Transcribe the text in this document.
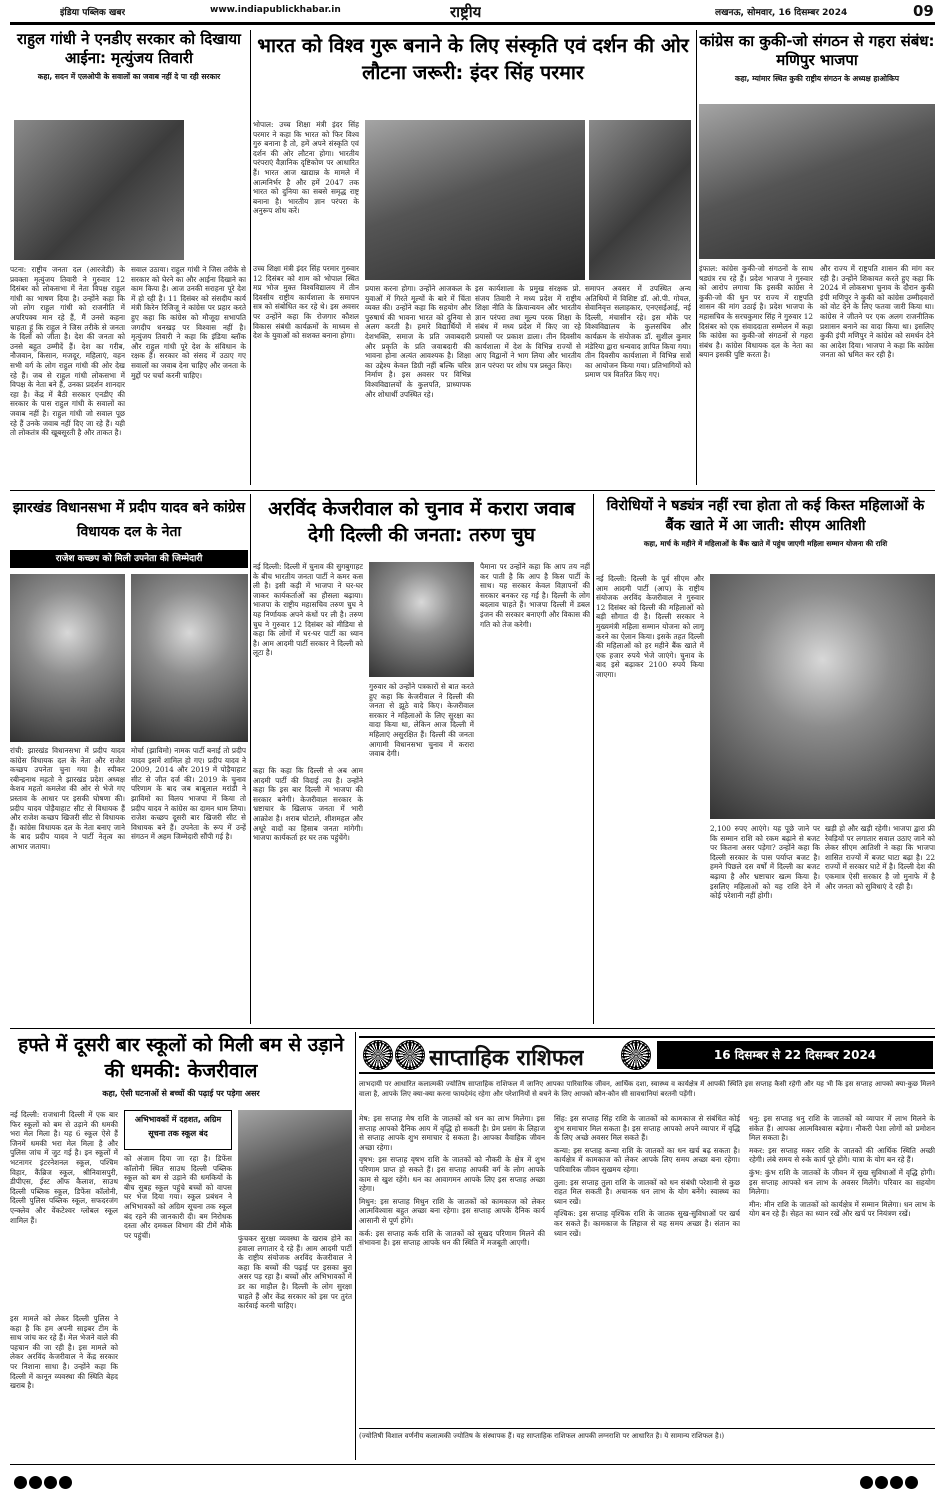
इंडिया पब्लिक खबर	www.indiapublickhabar.in	राष्ट्रीय	लखनऊ, सोमवार, 16 दिसम्बर 2024	09
राहुल गांधी ने एनडीए सरकार को दिखाया आईना: मृत्युंजय तिवारी
कहा, सदन में एलओपी के सवालों का जवाब नहीं दे पा रही सरकार
पटना: राष्ट्रीय जनता दल (आरजेडी) के प्रवक्ता मृत्युंजय तिवारी ने गुरुवार 12 दिसंबर को लोकसभा में नेता विपक्ष राहुल गांधी का भाषण दिया है। उन्होंने कहा कि जो लोग राहुल गांधी को राजनीति में अपरिपक्व मान रहे हैं, मैं उनसे कहना चाहता हूं कि राहुल ने जिस तरीके से जनता के दिलों को जीता है। देश की जनता को उनसे बहुत उम्मीदें हैं। देश का गरीब, नौजवान, किसान, मजदूर, महिलाएं, वहन सभी वर्ग के लोग राहुल गांधी की ओर देख रहे हैं। जब से राहुल गांधी लोकसभा में विपक्ष के नेता बने हैं, उनका प्रदर्शन शानदार रहा है। केंद्र में बैठी सरकार एनडीए की सरकार के पास राहुल गांधी के सवालों का जवाब नहीं है। राहुल गांधी जो सवाल पूछ रहे हैं उनके जवाब नहीं दिए जा रहे हैं। यही तो लोकतंत्र की खूबसूरती है और ताकत है।
सवाल उठाया। राहुल गांधी ने जिस तरीके से सरकार को घेरने का और आईना दिखाने का काम किया है। आज उनकी सराहना पूरे देश में हो रही है। 11 दिसंबर को संसदीय कार्य मंत्री किरेन रिजिजू ने कांग्रेस पर प्रहार करते हुए कहा कि कांग्रेस को मौजूदा सभापति जगदीप धनखड़ पर विश्वास नहीं है। मृत्युंजय तिवारी ने कहा कि इंडिया ब्लॉक और राहुल गांधी पूरे देश के संविधान के रक्षक हैं। सरकार को संसद में उठाए गए सवालों का जवाब देना चाहिए और जनता के मुद्दों पर चर्चा करनी चाहिए।
भारत को विश्व गुरू बनाने के लिए संस्कृति एवं दर्शन की ओर लौटना जरूरी: इंदर सिंह परमार
भोपाल: उच्च शिक्षा मंत्री इंदर सिंह परमार ने कहा कि भारत को फिर विश्व गुरु बनाना है तो, हमें अपने संस्कृति एवं दर्शन की ओर लौटना होगा। भारतीय परंपराएं वैज्ञानिक दृष्टिकोण पर आधारित हैं। भारत आज खाद्यान्न के मामले में आत्मनिर्भर है और हमें 2047 तक भारत को दुनिया का सबसे समृद्ध राष्ट्र बनाना है। भारतीय ज्ञान परंपरा के अनुरूप शोध करें।
उच्च शिक्षा मंत्री इंदर सिंह परमार गुरुवार 12 दिसंबर को शाम को भोपाल स्थित मप्र भोज मुक्त विश्वविद्यालय में तीन दिवसीय राष्ट्रीय कार्यशाला के समापन सत्र को संबोधित कर रहे थे। इस अवसर पर उन्होंने कहा कि रोजगार कौशल विकास संबंधी कार्यक्रमों के माध्यम से देश के युवाओं को सशक्त बनाना होगा।
प्रयास करना होगा। उन्होंने आजकल के युवाओं में गिरते मूल्यों के बारे में चिंता व्यक्त की। उन्होंने कहा कि सहयोग और पुरुषार्थ की भावना भारत को दुनिया से अलग करती है। हमारे विद्यार्थियों में देशभक्ति, समाज के प्रति जवाबदारी और प्रकृति के प्रति जवाबदारी की भावना होना अत्यंत आवश्यक है। शिक्षा का उद्देश्य केवल डिग्री नहीं बल्कि चरित्र निर्माण है। इस अवसर पर विभिन्न विश्वविद्यालयों के कुलपति, प्राध्यापक और शोधार्थी उपस्थित रहे।
इस कार्यशाला के प्रमुख संरक्षक प्रो. संजय तिवारी ने मध्य प्रदेश में राष्ट्रीय शिक्षा नीति के क्रियान्वयन और भारतीय ज्ञान परंपरा तथा मूल्य परक शिक्षा के संबंध में मध्य प्रदेश में किए जा रहे प्रयासों पर प्रकाश डाला। तीन दिवसीय कार्यशाला में देश के विभिन्न राज्यों से आए विद्वानों ने भाग लिया और भारतीय ज्ञान परंपरा पर शोध पत्र प्रस्तुत किए।
समापन अवसर में उपस्थित अन्य अतिथियों में विशिष्ट डॉ. ओ.पी. गोयल, सेवानिवृत्त सलाहकार, एनएसईआई, नई दिल्ली, मंचासीन रहे। इस मौके पर विश्वविद्यालय के कुलसचिव और कार्यक्रम के संयोजक डॉ. सुशील कुमार मंडेरिया द्वारा धन्यवाद ज्ञापित किया गया। तीन दिवसीय कार्यशाला में विभिन्न सत्रों का आयोजन किया गया। प्रतिभागियों को प्रमाण पत्र वितरित किए गए।
कांग्रेस का कुकी-जो संगठन से गहरा संबंध: मणिपुर भाजपा
कहा, म्यांमार स्थित कुकी राष्ट्रीय संगठन के अध्यक्ष हाओकिप
इंफाल: कांग्रेस कुकी-जो संगठनों के साथ षड्यंत्र रच रहे हैं। प्रदेश भाजपा ने गुरुवार को आरोप लगाया कि इसकी कांग्रेस ने कुकी-जो की धुन पर राज्य में राष्ट्रपति शासन की मांग उठाई है। प्रदेश भाजपा के महासचिव के सरचकुमार सिंह ने गुरुवार 12 दिसंबर को एक संवाददाता सम्मेलन में कहा कि कांग्रेस का कुकी-जो संगठनों से गहरा संबंध है। कांग्रेस विधायक दल के नेता का बयान इसकी पुष्टि करता है।
और राज्य में राष्ट्रपति शासन की मांग कर रही है। उन्होंने शिकायत करते हुए कहा कि 2024 में लोकसभा चुनाव के दौरान कुकी इंपी मणिपुर ने कुकी को कांग्रेस उम्मीदवारों को वोट देने के लिए फतवा जारी किया था। कांग्रेस ने जीतने पर एक अलग राजनीतिक प्रशासन बनाने का वादा किया था। इसलिए कुकी इंपी मणिपुर ने कांग्रेस को समर्थन देने का आदेश दिया। भाजपा ने कहा कि कांग्रेस जनता को भ्रमित कर रही है।
झारखंड विधानसभा में प्रदीप यादव बने कांग्रेस विधायक दल के नेता
राजेश कच्छप को मिली उपनेता की जिम्मेदारी
रांची: झारखंड विधानसभा में प्रदीप यादव कांग्रेस विधायक दल के नेता और राजेश कच्छप उपनेता चुना गया है। स्पीकर रबीन्द्रनाथ महतो ने झारखंड प्रदेश अध्यक्ष केशव महतो कमलेश की ओर से भेजे गए प्रस्ताव के आधार पर इसकी घोषणा की। प्रदीप यादव पोड़ैयाहाट सीट से विधायक हैं और राजेश कच्छप खिजरी सीट से विधायक हैं। कांग्रेस विधायक दल के नेता बनाए जाने के बाद प्रदीप यादव ने पार्टी नेतृत्व का आभार जताया।
मोर्चा (झाविमो) नामक पार्टी बनाई तो प्रदीप यादव इसमें शामिल हो गए। प्रदीप यादव ने 2009, 2014 और 2019 में पोड़ैयाहाट सीट से जीत दर्ज की। 2019 के चुनाव परिणाम के बाद जब बाबूलाल मरांडी ने झाविमो का विलय भाजपा में किया तो प्रदीप यादव ने कांग्रेस का दामन थाम लिया। राजेश कच्छप दूसरी बार खिजरी सीट से विधायक बने हैं। उपनेता के रूप में उन्हें संगठन में अहम जिम्मेदारी सौंपी गई है।
अरविंद केजरीवाल को चुनाव में करारा जवाब देगी दिल्ली की जनता: तरुण चुघ
नई दिल्ली: दिल्ली में चुनाव की सुगबुगाहट के बीच भारतीय जनता पार्टी ने कमर कस ली है। इसी कड़ी में भाजपा ने घर-घर जाकर कार्यकर्ताओं का हौसला बढ़ाया। भाजपा के राष्ट्रीय महासचिव तरुण चुघ ने यह निर्णायक अपने कंधों पर ली है। तरुण चुघ ने गुरुवार 12 दिसंबर को मीडिया से कहा कि लोगों में घर-घर पार्टी का ध्यान है। आम आदमी पार्टी सरकार ने दिल्ली को लूटा है।
कहा कि कहा कि दिल्ली से अब आम आदमी पार्टी की विदाई तय है। उन्होंने कहा कि इस बार दिल्ली में भाजपा की सरकार बनेगी। केजरीवाल सरकार के भ्रष्टाचार के खिलाफ जनता में भारी आक्रोश है। शराब घोटाले, शीशमहल और अधूरे वादों का हिसाब जनता मांगेगी। भाजपा कार्यकर्ता हर घर तक पहुंचेंगे।
गुरुवार को उन्होंने पत्रकारों से बात करते हुए कहा कि केजरीवाल ने दिल्ली की जनता से झूठे वादे किए। केजरीवाल सरकार ने महिलाओं के लिए सुरक्षा का वादा किया था, लेकिन आज दिल्ली में महिलाएं असुरक्षित हैं। दिल्ली की जनता आगामी विधानसभा चुनाव में करारा जवाब देगी।
पैमाना पर उन्होंने कहा कि आप तय नहीं कर पाती है कि आप है किस पार्टी के साथ। यह सरकार केवल विज्ञापनों की सरकार बनकर रह गई है। दिल्ली के लोग बदलाव चाहते हैं। भाजपा दिल्ली में डबल इंजन की सरकार बनाएगी और विकास की गति को तेज करेगी।
विरोधियों ने षड्यंत्र नहीं रचा होता तो कई किस्त महिलाओं के बैंक खाते में आ जाती: सीएम आतिशी
कहा, मार्च के महीने में महिलाओं के बैंक खाते में पहुंच जाएगी महिला सम्मान योजना की राशि
नई दिल्ली: दिल्ली के पूर्व सीएम और आम आदमी पार्टी (आप) के राष्ट्रीय संयोजक अरविंद केजरीवाल ने गुरुवार 12 दिसंबर को दिल्ली की महिलाओं को बड़ी सौगात दी है। दिल्ली सरकार ने मुख्यमंत्री महिला सम्मान योजना को लागू करने का ऐलान किया। इसके तहत दिल्ली की महिलाओं को हर महीने बैंक खाते में एक हजार रुपये भेजे जाएंगे। चुनाव के बाद इसे बढ़ाकर 2100 रुपये किया जाएगा।
2,100 रुपए आएंगे। यह पूछे जाने पर कि सम्मान राशि को रकम बढ़ाने से बजट पर कितना असर पड़ेगा? उन्होंने कहा कि दिल्ली सरकार के पास पर्याप्त बजट है। हमने पिछले दस वर्षों में दिल्ली का बजट बढ़ाया है और भ्रष्टाचार खत्म किया है। इसलिए महिलाओं को यह राशि देने में कोई परेशानी नहीं होगी।
खड़ी हो और खड़ी रहेगी। भाजपा द्वारा फ्री रेवड़ियों पर लगातार सवाल उठाए जाने को लेकर सीएम आतिशी ने कहा कि भाजपा शासित राज्यों में बजट घाटा बढ़ा है। 22 राज्यों में सरकार घाटे में है। दिल्ली देश की एकमात्र ऐसी सरकार है जो मुनाफे में है और जनता को सुविधाएं दे रही है।
हफ्ते में दूसरी बार स्कूलों को मिली बम से उड़ाने की धमकी: केजरीवाल
कहा, ऐसी घटनाओं से बच्चों की पढ़ाई पर पड़ेगा असर
नई दिल्ली: राजधानी दिल्ली में एक बार फिर स्कूलों को बम से उड़ाने की धमकी भरा मेल मिला है। यह 6 स्कूल ऐसे हैं जिनमें धमकी भरा मेल मिला है और पुलिस जांच में जुट गई है। इन स्कूलों में भटनागर इंटरनेशनल स्कूल, पश्चिम विहार, कैंब्रिज स्कूल, श्रीनिवासपुरी, डीपीएस, ईस्ट ऑफ कैलाश, साउथ दिल्ली पब्लिक स्कूल, डिफेंस कॉलोनी, दिल्ली पुलिस पब्लिक स्कूल, सफदरजंग एन्क्लेव और वेंकटेश्वर ग्लोबल स्कूल शामिल हैं।
इस मामले को लेकर दिल्ली पुलिस ने कहा है कि हम अपनी साइबर टीम के साथ जांच कर रहे हैं। मेल भेजने वाले की पहचान की जा रही है। इस मामले को लेकर अरविंद केजरीवाल ने केंद्र सरकार पर निशाना साधा है। उन्होंने कहा कि दिल्ली में कानून व्यवस्था की स्थिति बेहद खराब है।
अभिभावकों में दहशत, अग्रिम
सूचना तक स्कूल बंद
को अंजाम दिया जा रहा है। डिफेंस कॉलोनी स्थित साउथ दिल्ली पब्लिक स्कूल को बम से उड़ाने की धमकियों के बीच सुबह स्कूल पहुंचे बच्चों को वापस घर भेज दिया गया। स्कूल प्रबंधन ने अभिभावकों को अग्रिम सूचना तक स्कूल बंद रहने की जानकारी दी। बम निरोधक दस्ता और दमकल विभाग की टीमें मौके पर पहुंचीं।	फुंचकर सुरक्षा व्यवस्था के खराब होने का हवाला लगातार दे रहे हैं। आम आदमी पार्टी के राष्ट्रीय संयोजक अरविंद केजरीवाल ने कहा कि बच्चों की पढ़ाई पर इसका बुरा असर पड़ रहा है। बच्चों और अभिभावकों में डर का माहौल है। दिल्ली के लोग सुरक्षा चाहते हैं और केंद्र सरकार को इस पर तुरंत कार्रवाई करनी चाहिए।
साप्ताहिक राशिफल	16 दिसम्बर से 22 दिसम्बर 2024
लाभदायी पर आधारित कलात्मकी ज्योतिष साप्ताहिक राशिफल में जानिए आपका पारिवारिक जीवन, आर्थिक दशा, स्वास्थ्य व कार्यक्षेत्र में आपकी स्थिति इस सप्ताह कैसी रहेगी और यह भी कि इस सप्ताह आपको क्या-कुछ मिलने वाला है, आपके लिए क्या-क्या करना फायदेमंद रहेगा और परेशानियों से बचने के लिए आपको कौन-कौन सी सावधानियां बरतनी पड़ेंगी।

मेष: इस सप्ताह मेष राशि के जातकों को धन का लाभ मिलेगा। इस सप्ताह आपको दैनिक आय में वृद्धि हो सकती है। प्रेम प्रसंग के लिहाज से सप्ताह आपके शुभ समाचार दे सकता है। आपका वैवाहिक जीवन अच्छा रहेगा।

वृषभ: इस सप्ताह वृषभ राशि के जातकों को नौकरी के क्षेत्र में शुभ परिणाम प्राप्त हो सकते हैं। इस सप्ताह आपकी वर्ग के लोग आपके काम से खुश रहेंगे। धन का आवागमन आपके लिए इस सप्ताह अच्छा रहेगा।

मिथुन: इस सप्ताह मिथुन राशि के जातकों को कामकाज को लेकर आत्मविश्वास बहुत अच्छा बना रहेगा। इस सप्ताह आपके दैनिक कार्य आसानी से पूर्ण होंगे।

कर्क: इस सप्ताह कर्क राशि के जातकों को सुखद परिणाम मिलने की संभावना है। इस सप्ताह आपके धन की स्थिति में मजबूती आएगी।

सिंह: इस सप्ताह सिंह राशि के जातकों को कामकाज से संबंधित कोई शुभ समाचार मिल सकता है। इस सप्ताह आपको अपने व्यापार में वृद्धि के लिए अच्छे अवसर मिल सकते हैं।

कन्या: इस सप्ताह कन्या राशि के जातकों का धन खर्च बढ़ सकता है। कार्यक्षेत्र में कामकाज को लेकर आपके लिए समय अच्छा बना रहेगा। पारिवारिक जीवन सुखमय रहेगा।

तुला: इस सप्ताह तुला राशि के जातकों को धन संबंधी परेशानी से कुछ राहत मिल सकती है। अचानक धन लाभ के योग बनेंगे। स्वास्थ्य का ध्यान रखें।

वृश्चिक: इस सप्ताह वृश्चिक राशि के जातक सुख-सुविधाओं पर खर्च कर सकते हैं। कामकाज के लिहाज से यह समय अच्छा है। संतान का ध्यान रखें।

धनु: इस सप्ताह धनु राशि के जातकों को व्यापार में लाभ मिलने के संकेत हैं। आपका आत्मविश्वास बढ़ेगा। नौकरी पेशा लोगों को प्रमोशन मिल सकता है।

मकर: इस सप्ताह मकर राशि के जातकों की आर्थिक स्थिति अच्छी रहेगी। लंबे समय से रुके कार्य पूरे होंगे। यात्रा के योग बन रहे हैं।

कुंभ: कुंभ राशि के जातकों के जीवन में सुख सुविधाओं में वृद्धि होगी। इस सप्ताह आपको धन लाभ के अवसर मिलेंगे। परिवार का सहयोग मिलेगा।

मीन: मीन राशि के जातकों को कार्यक्षेत्र में सम्मान मिलेगा। धन लाभ के योग बन रहे हैं। सेहत का ध्यान रखें और खर्च पर नियंत्रण रखें।

(ज्योतिषी विशाल वर्णनीय कलात्मकी ज्योतिष के संस्थापक हैं। यह साप्ताहिक राशिफल आपकी लग्नराशि पर आधारित है। ये सामान्य राशिफल है।)
